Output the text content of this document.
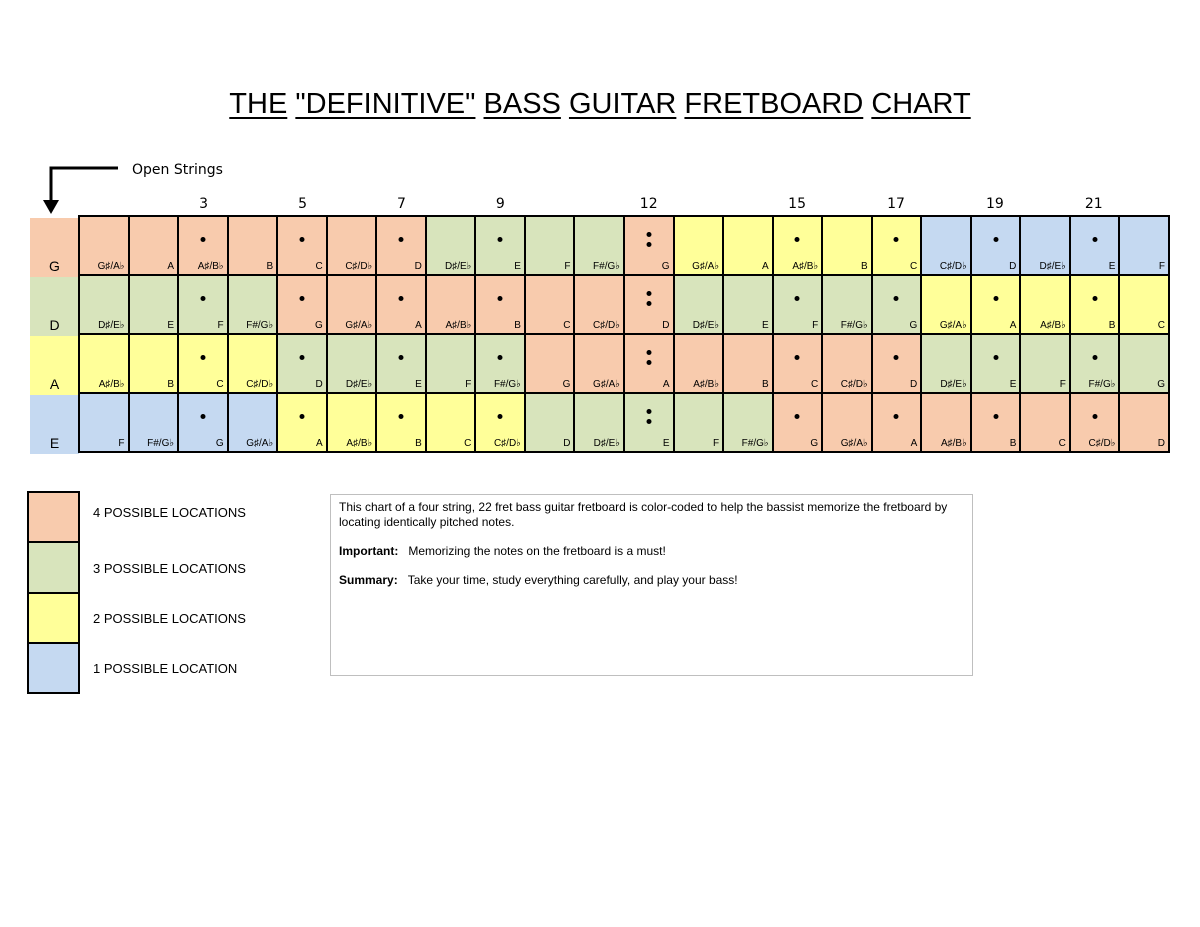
THE "DEFINITIVE" BASS GUITAR FRETBOARD CHART
Open Strings
3	5	7	9	12	15	17	19	21
G
D
A
E
G♯/A♭	A A♯/B♭	B	C C♯/D♭	D D♯/E♭	E	F F#/G♭	G G♯/A♭	A A♯/B♭	B	C C♯/D♭	D D♯/E♭	E	F
D♯/E♭	E	F F#/G♭	G G♯/A♭	A A♯/B♭	B	C C♯/D♭	D D♯/E♭	E	F F#/G♭	G G♯/A♭	A A♯/B♭	B	C
A♯/B♭	B	C C♯/D♭	D D♯/E♭	E	F F#/G♭	G G♯/A♭	A A♯/B♭	B	C C♯/D♭	D D♯/E♭	E	F F#/G♭	G
F F#/G♭	G G♯/A♭	A A♯/B♭	B	C C♯/D♭	D D♯/E♭	E	F F#/G♭	G G♯/A♭	A A♯/B♭	B	C C♯/D♭	D
4 POSSIBLE LOCATIONS
3 POSSIBLE LOCATIONS
2 POSSIBLE LOCATIONS
1 POSSIBLE LOCATION

This chart of a four string, 22 fret bass guitar fretboard is color-coded to help the bassist memorize the fretboard by locating identically pitched notes.

Important: Memorizing the notes on the fretboard is a must!

Summary: Take your time, study everything carefully, and play your bass!
